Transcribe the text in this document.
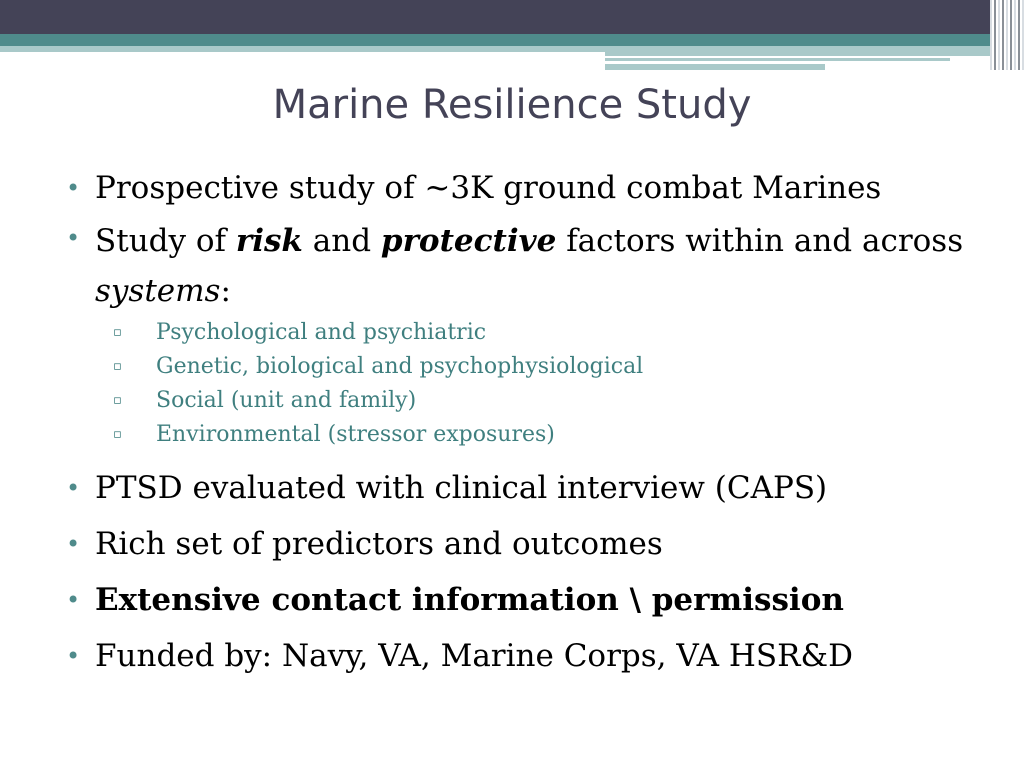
Marine Resilience Study

• Prospective study of ~3K ground combat Marines

• Study of risk and protective factors within and across systems:

▫ Psychological and psychiatric
▫ Genetic, biological and psychophysiological
▫ Social (unit and family)
▫ Environmental (stressor exposures)

• PTSD evaluated with clinical interview (CAPS)

• Rich set of predictors and outcomes

• Extensive contact information \ permission

• Funded by: Navy, VA, Marine Corps, VA HSR&D
